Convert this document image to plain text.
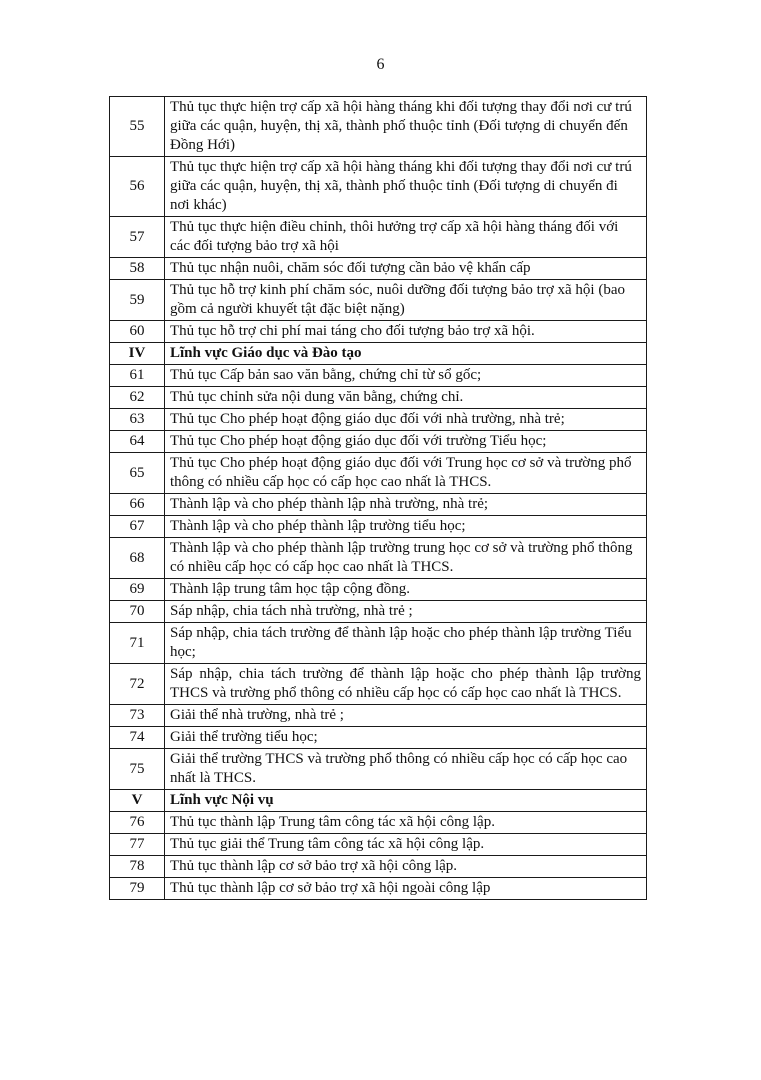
6
55	Thủ tục thực hiện trợ cấp xã hội hàng tháng khi đối tượng thay đổi nơi cư trú giữa các quận, huyện, thị xã, thành phố thuộc tỉnh (Đối tượng di chuyển đến Đồng Hới)
56	Thủ tục thực hiện trợ cấp xã hội hàng tháng khi đối tượng thay đổi nơi cư trú giữa các quận, huyện, thị xã, thành phố thuộc tỉnh (Đối tượng di chuyển đi nơi khác)
57	Thủ tục thực hiện điều chỉnh, thôi hưởng trợ cấp xã hội hàng tháng đối với các đối tượng bảo trợ xã hội
58	Thủ tục nhận nuôi, chăm sóc đối tượng cần bảo vệ khẩn cấp
59	Thủ tục hỗ trợ kinh phí chăm sóc, nuôi dưỡng đối tượng bảo trợ xã hội (bao gồm cả người khuyết tật đặc biệt nặng)
60	Thủ tục hỗ trợ chi phí mai táng cho đối tượng bảo trợ xã hội.
IV	Lĩnh vực Giáo dục và Đào tạo
61	Thủ tục Cấp bản sao văn bằng, chứng chỉ từ sổ gốc;
62	Thủ tục chỉnh sửa nội dung văn bằng, chứng chỉ.
63	Thủ tục Cho phép hoạt động giáo dục đối với nhà trường, nhà trẻ;
64	Thủ tục Cho phép hoạt động giáo dục đối với trường Tiểu học;
65	Thủ tục Cho phép hoạt động giáo dục đối với Trung học cơ sở và trường phổ thông có nhiều cấp học có cấp học cao nhất là THCS.
66	Thành lập và cho phép thành lập nhà trường, nhà trẻ;
67	Thành lập và cho phép thành lập trường tiểu học;
68	Thành lập và cho phép thành lập trường trung học cơ sở và trường phổ thông có nhiều cấp học có cấp học cao nhất là THCS.
69	Thành lập trung tâm học tập cộng đồng.
70	Sáp nhập, chia tách nhà trường, nhà trẻ ;
71	Sáp nhập, chia tách trường để thành lập hoặc cho phép thành lập trường Tiểu học;
72	Sáp nhập, chia tách trường để thành lập hoặc cho phép thành lập trường THCS và trường phổ thông có nhiều cấp học có cấp học cao nhất là THCS.
73	Giải thể nhà trường, nhà trẻ ;
74	Giải thể trường tiểu học;
75	Giải thể trường THCS và trường phổ thông có nhiều cấp học có cấp học cao nhất là THCS.
V	Lĩnh vực Nội vụ
76	Thủ tục thành lập Trung tâm công tác xã hội công lập.
77	Thủ tục giải thể Trung tâm công tác xã hội công lập.
78	Thủ tục thành lập cơ sở bảo trợ xã hội công lập.
79	Thủ tục thành lập cơ sở bảo trợ xã hội ngoài công lập
